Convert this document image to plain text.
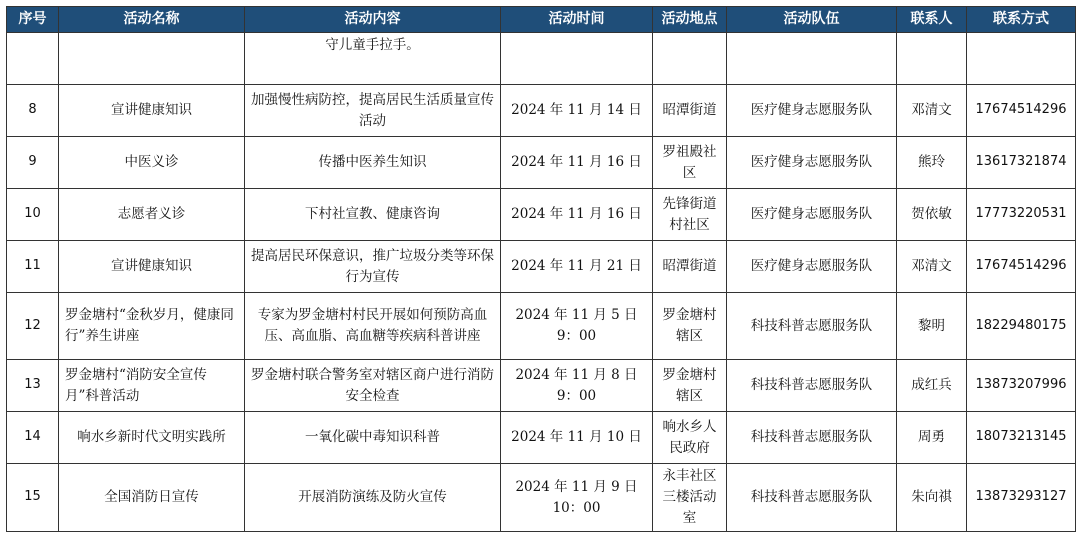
序号	活动名称	活动内容	活动时间	活动地点	活动队伍	联系人	联系方式
		守儿童手拉手。					
8	宣讲健康知识	加强慢性病防控，提高居民生活质量宣传活动	2024 年 11 月 14 日	昭潭街道	医疗健身志愿服务队	邓清文	17674514296
9	中医义诊	传播中医养生知识	2024 年 11 月 16 日	罗祖殿社　区	医疗健身志愿服务队	熊玲	13617321874
10	志愿者义诊	下村社宣教、健康咨询	2024 年 11 月 16 日	先锋街道村社区	医疗健身志愿服务队	贺依敏	17773220531
11	宣讲健康知识	提高居民环保意识，推广垃圾分类等环保行为宣传	2024 年 11 月 21 日	昭潭街道	医疗健身志愿服务队	邓清文	17674514296
12	罗金塘村“金秋岁月，健康同行”养生讲座	专家为罗金塘村村民开展如何预防高血压、高血脂、高血糖等疾病科普讲座	2024 年 11 月 5 日 9：00	罗金塘村辖区	科技科普志愿服务队	黎明	18229480175
13	罗金塘村“消防安全宣传月”科普活动	罗金塘村联合警务室对辖区商户进行消防安全检查	2024 年 11 月 8 日 9：00	罗金塘村辖区	科技科普志愿服务队	成红兵	13873207996
14	响水乡新时代文明实践所	一氧化碳中毒知识科普	2024 年 11 月 10 日	响水乡人民政府	科技科普志愿服务队	周勇	18073213145
15	全国消防日宣传	开展消防演练及防火宣传	2024 年 11 月 9 日 10：00	永丰社区三楼活动室	科技科普志愿服务队	朱向祺	13873293127
